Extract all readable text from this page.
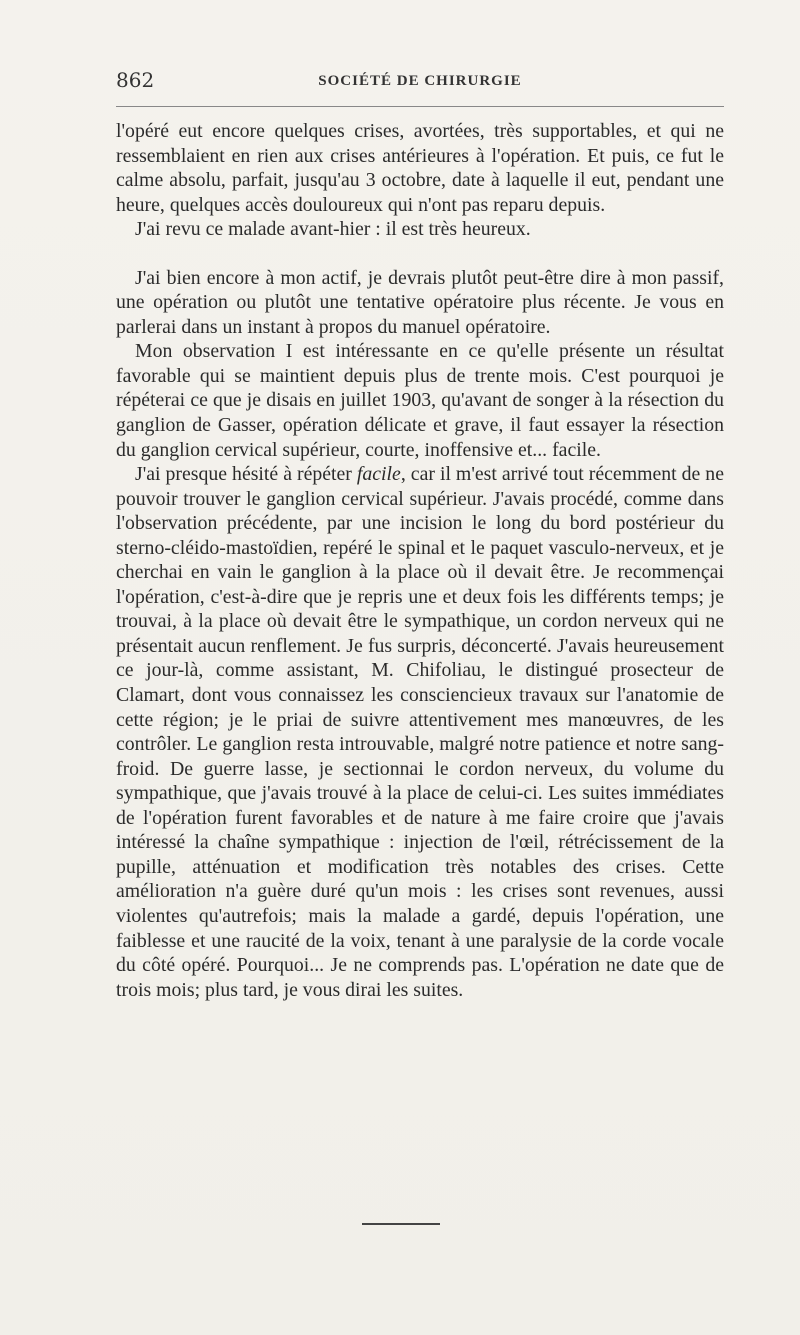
862	SOCIÉTÉ DE CHIRURGIE

l'opéré eut encore quelques crises, avortées, très supportables, et qui ne ressemblaient en rien aux crises antérieures à l'opération. Et puis, ce fut le calme absolu, parfait, jusqu'au 3 octobre, date à laquelle il eut, pendant une heure, quelques accès douloureux qui n'ont pas reparu depuis.

J'ai revu ce malade avant-hier : il est très heureux.

J'ai bien encore à mon actif, je devrais plutôt peut-être dire à mon passif, une opération ou plutôt une tentative opératoire plus récente. Je vous en parlerai dans un instant à propos du manuel opératoire.

Mon observation I est intéressante en ce qu'elle présente un résultat favorable qui se maintient depuis plus de trente mois. C'est pourquoi je répéterai ce que je disais en juillet 1903, qu'avant de songer à la résection du ganglion de Gasser, opération délicate et grave, il faut essayer la résection du ganglion cervical supérieur, courte, inoffensive et... facile.

J'ai presque hésité à répéter facile, car il m'est arrivé tout récemment de ne pouvoir trouver le ganglion cervical supérieur. J'avais procédé, comme dans l'observation précédente, par une incision le long du bord postérieur du sterno-cléido-mastoïdien, repéré le spinal et le paquet vasculo-nerveux, et je cherchai en vain le ganglion à la place où il devait être. Je recommençai l'opération, c'est-à-dire que je repris une et deux fois les différents temps; je trouvai, à la place où devait être le sympathique, un cordon nerveux qui ne présentait aucun renflement. Je fus surpris, déconcerté. J'avais heureusement ce jour-là, comme assistant, M. Chifoliau, le distingué prosecteur de Clamart, dont vous connaissez les consciencieux travaux sur l'anatomie de cette région; je le priai de suivre attentivement mes manœuvres, de les contrôler. Le ganglion resta introuvable, malgré notre patience et notre sang-froid. De guerre lasse, je sectionnai le cordon nerveux, du volume du sympathique, que j'avais trouvé à la place de celui-ci. Les suites immédiates de l'opération furent favorables et de nature à me faire croire que j'avais intéressé la chaîne sympathique : injection de l'œil, rétrécissement de la pupille, atténuation et modification très notables des crises. Cette amélioration n'a guère duré qu'un mois : les crises sont revenues, aussi violentes qu'autrefois; mais la malade a gardé, depuis l'opération, une faiblesse et une raucité de la voix, tenant à une paralysie de la corde vocale du côté opéré. Pourquoi... Je ne comprends pas. L'opération ne date que de trois mois; plus tard, je vous dirai les suites.
